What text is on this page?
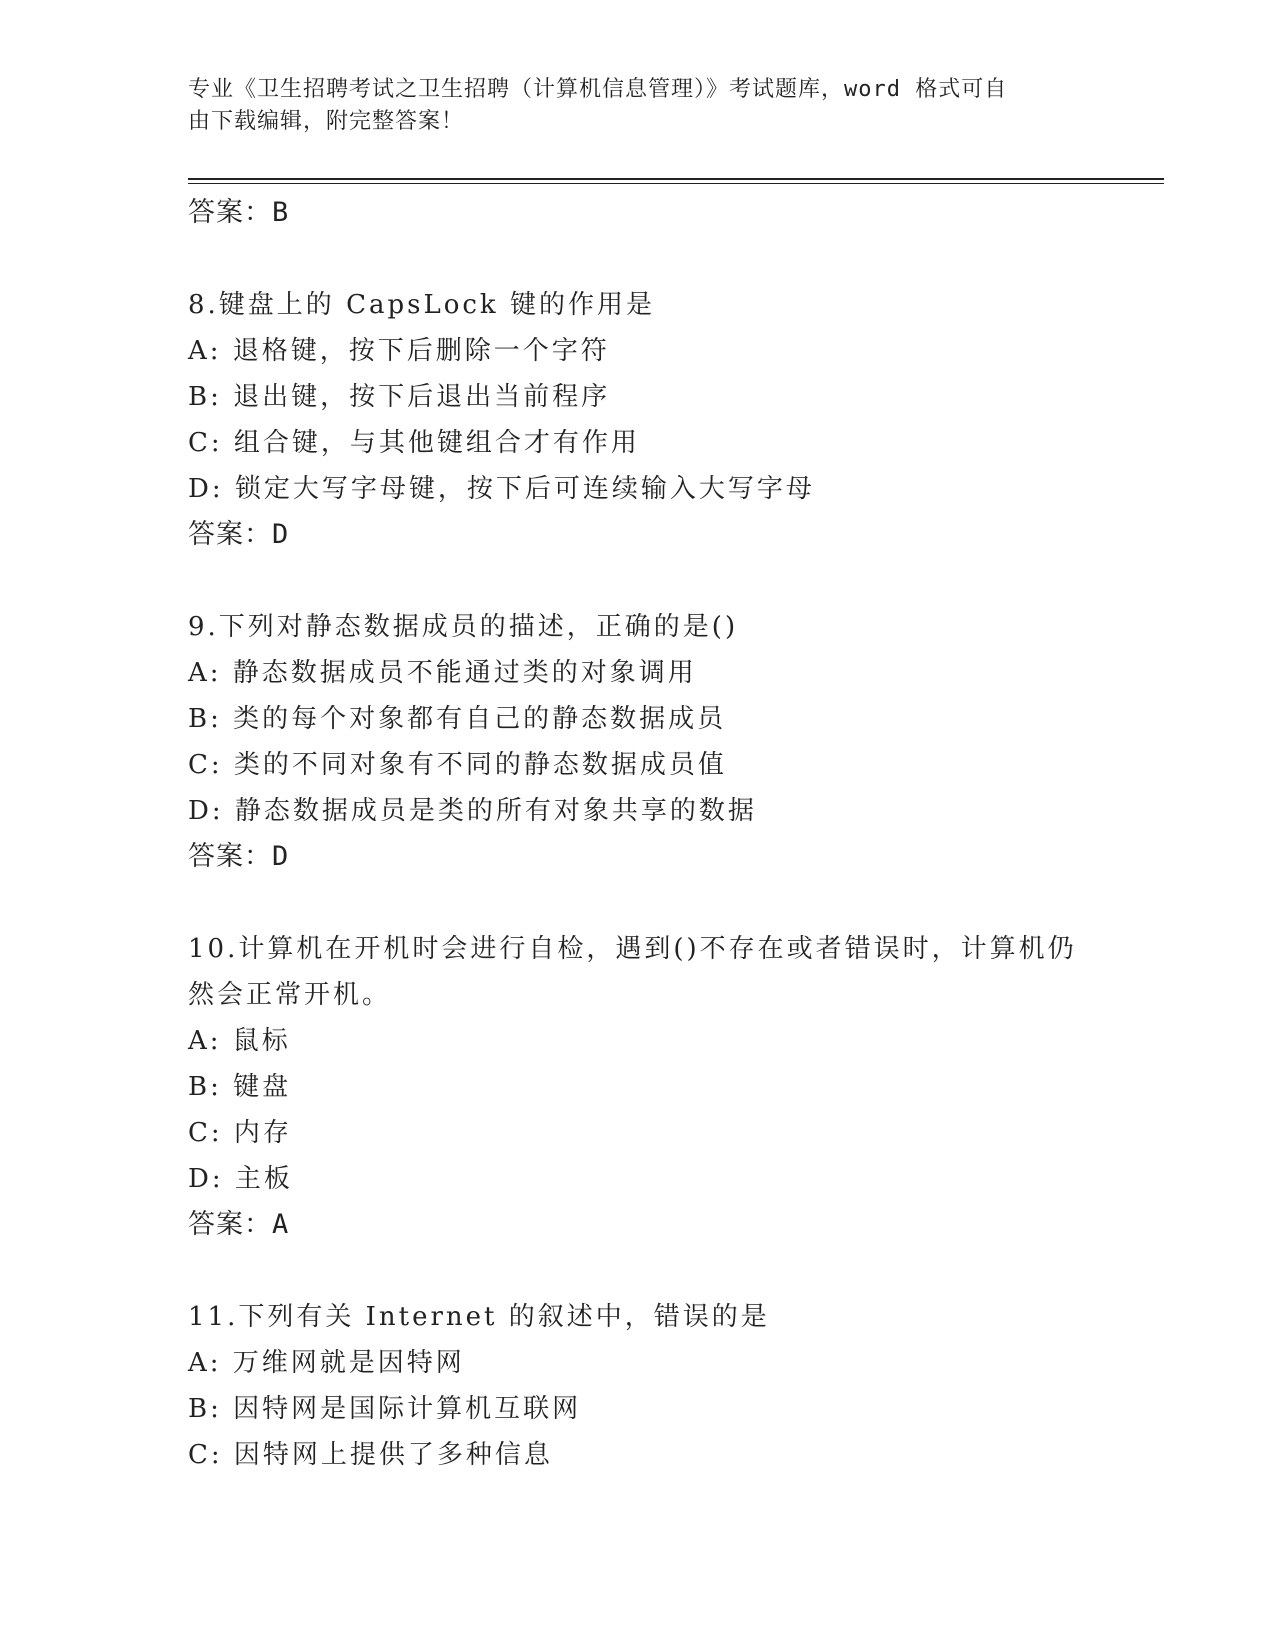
专业《卫生招聘考试之卫生招聘（计算机信息管理）》考试题库，word 格式可自
由下载编辑，附完整答案！
答案：B
8.键盘上的 CapsLock 键的作用是
A: 退格键，按下后删除一个字符
B: 退出键，按下后退出当前程序
C: 组合键，与其他键组合才有作用
D: 锁定大写字母键，按下后可连续输入大写字母
答案：D
9.下列对静态数据成员的描述，正确的是()
A: 静态数据成员不能通过类的对象调用
B: 类的每个对象都有自己的静态数据成员
C: 类的不同对象有不同的静态数据成员值
D: 静态数据成员是类的所有对象共享的数据
答案：D
10.计算机在开机时会进行自检，遇到()不存在或者错误时，计算机仍
然会正常开机。
A: 鼠标
B: 键盘
C: 内存
D: 主板
答案：A
11.下列有关 Internet 的叙述中，错误的是
A: 万维网就是因特网
B: 因特网是国际计算机互联网
C: 因特网上提供了多种信息
